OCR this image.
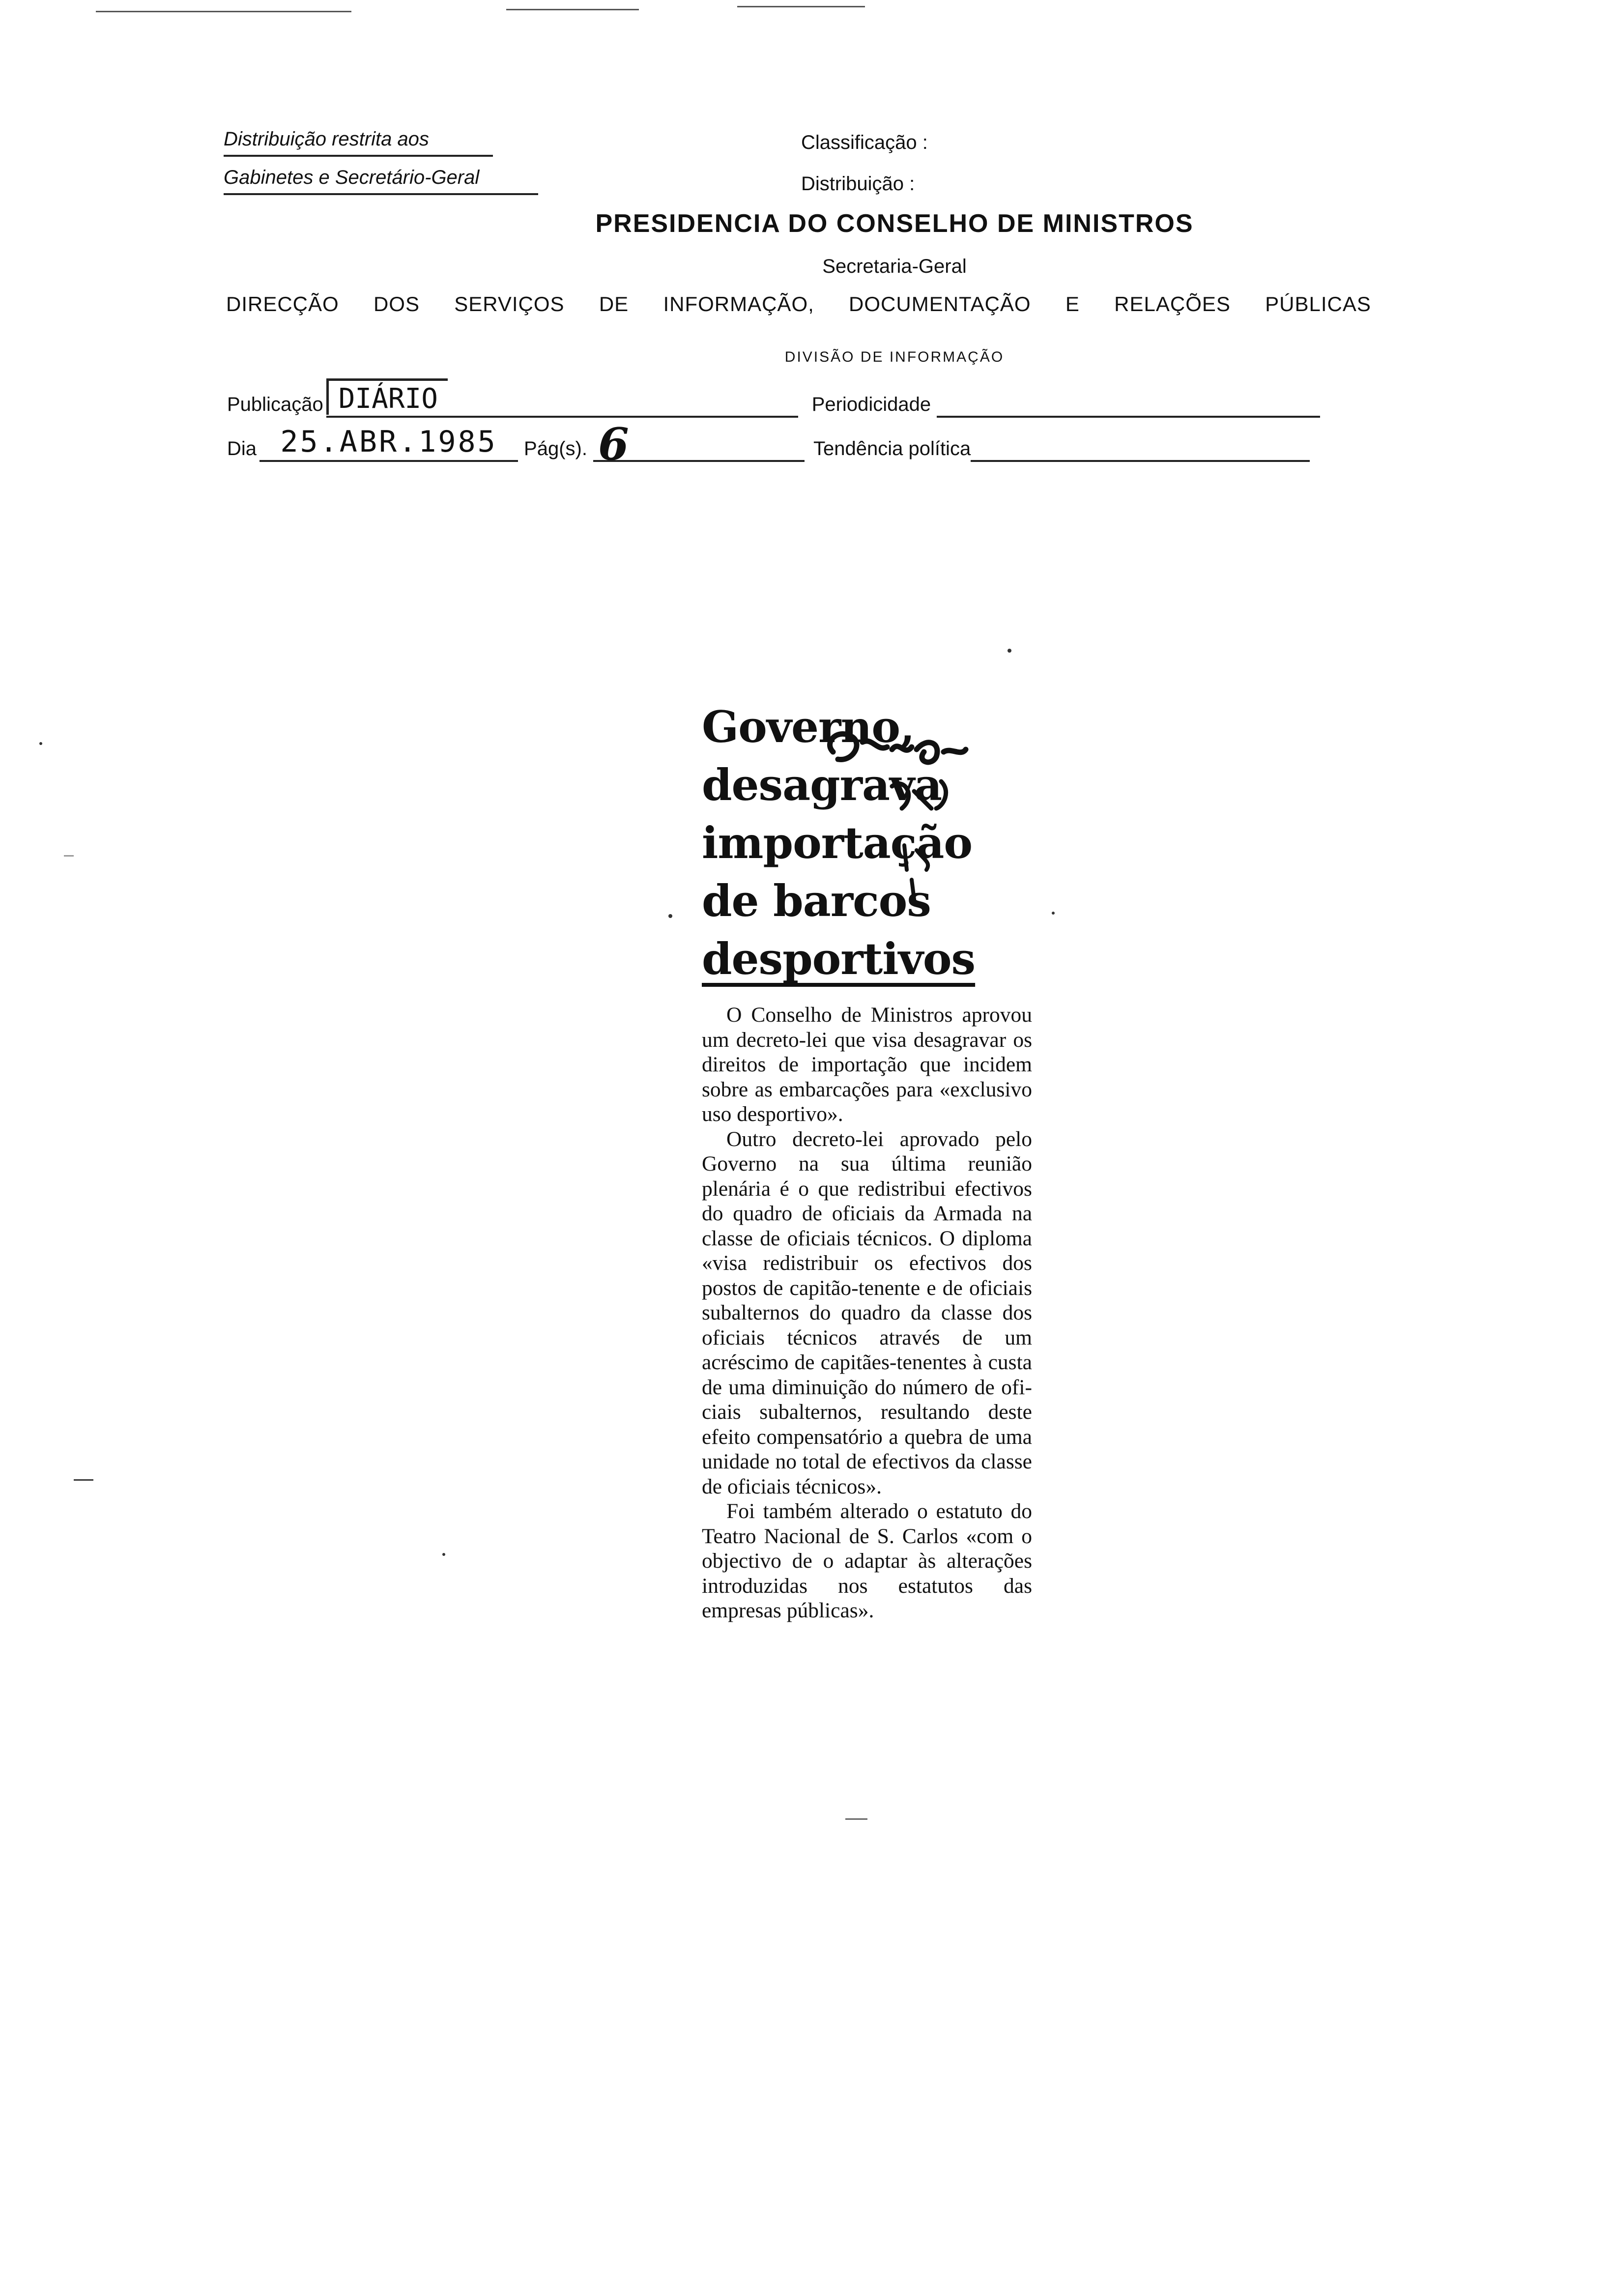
Distribuição restrita aos
Gabinetes e Secretário-Geral
Classificação :
Distribuição :
PRESIDENCIA DO CONSELHO DE MINISTROS
Secretaria-Geral
DIRECÇÃO DOS SERVIÇOS DE INFORMAÇÃO, DOCUMENTAÇÃO E RELAÇÕES PÚBLICAS
DIVISÃO DE INFORMAÇÃO
Publicação DIÁRIO	Periodicidade
Dia 25.ABR.1985 Pág(s). 6	Tendência política
Governo,
desagrava
importação
de barcos
desportivos

O Conselho de Ministros aprovou um decreto-lei que visa desagravar os direitos de importação que incidem sobre as embarcações para «exclusivo uso desportivo».

Outro decreto-lei aprovado pelo Governo na sua última reunião plenária é o que redistribui efectivos do quadro de oficiais da Armada na classe de oficiais técnicos. O diploma «visa redistribuir os efectivos dos postos de capitão-tenente e de oficiais subalternos do quadro da classe dos oficiais técnicos através de um acréscimo de capitães-tenentes à custa de uma diminuição do número de oficiais subalternos, resultando deste efeito compensatório a quebra de uma unidade no total de efectivos da classe de oficiais técnicos».

Foi também alterado o estatuto do Teatro Nacional de S. Carlos «com o objectivo de o adaptar às alterações introduzidas nos estatutos das empresas públicas».
